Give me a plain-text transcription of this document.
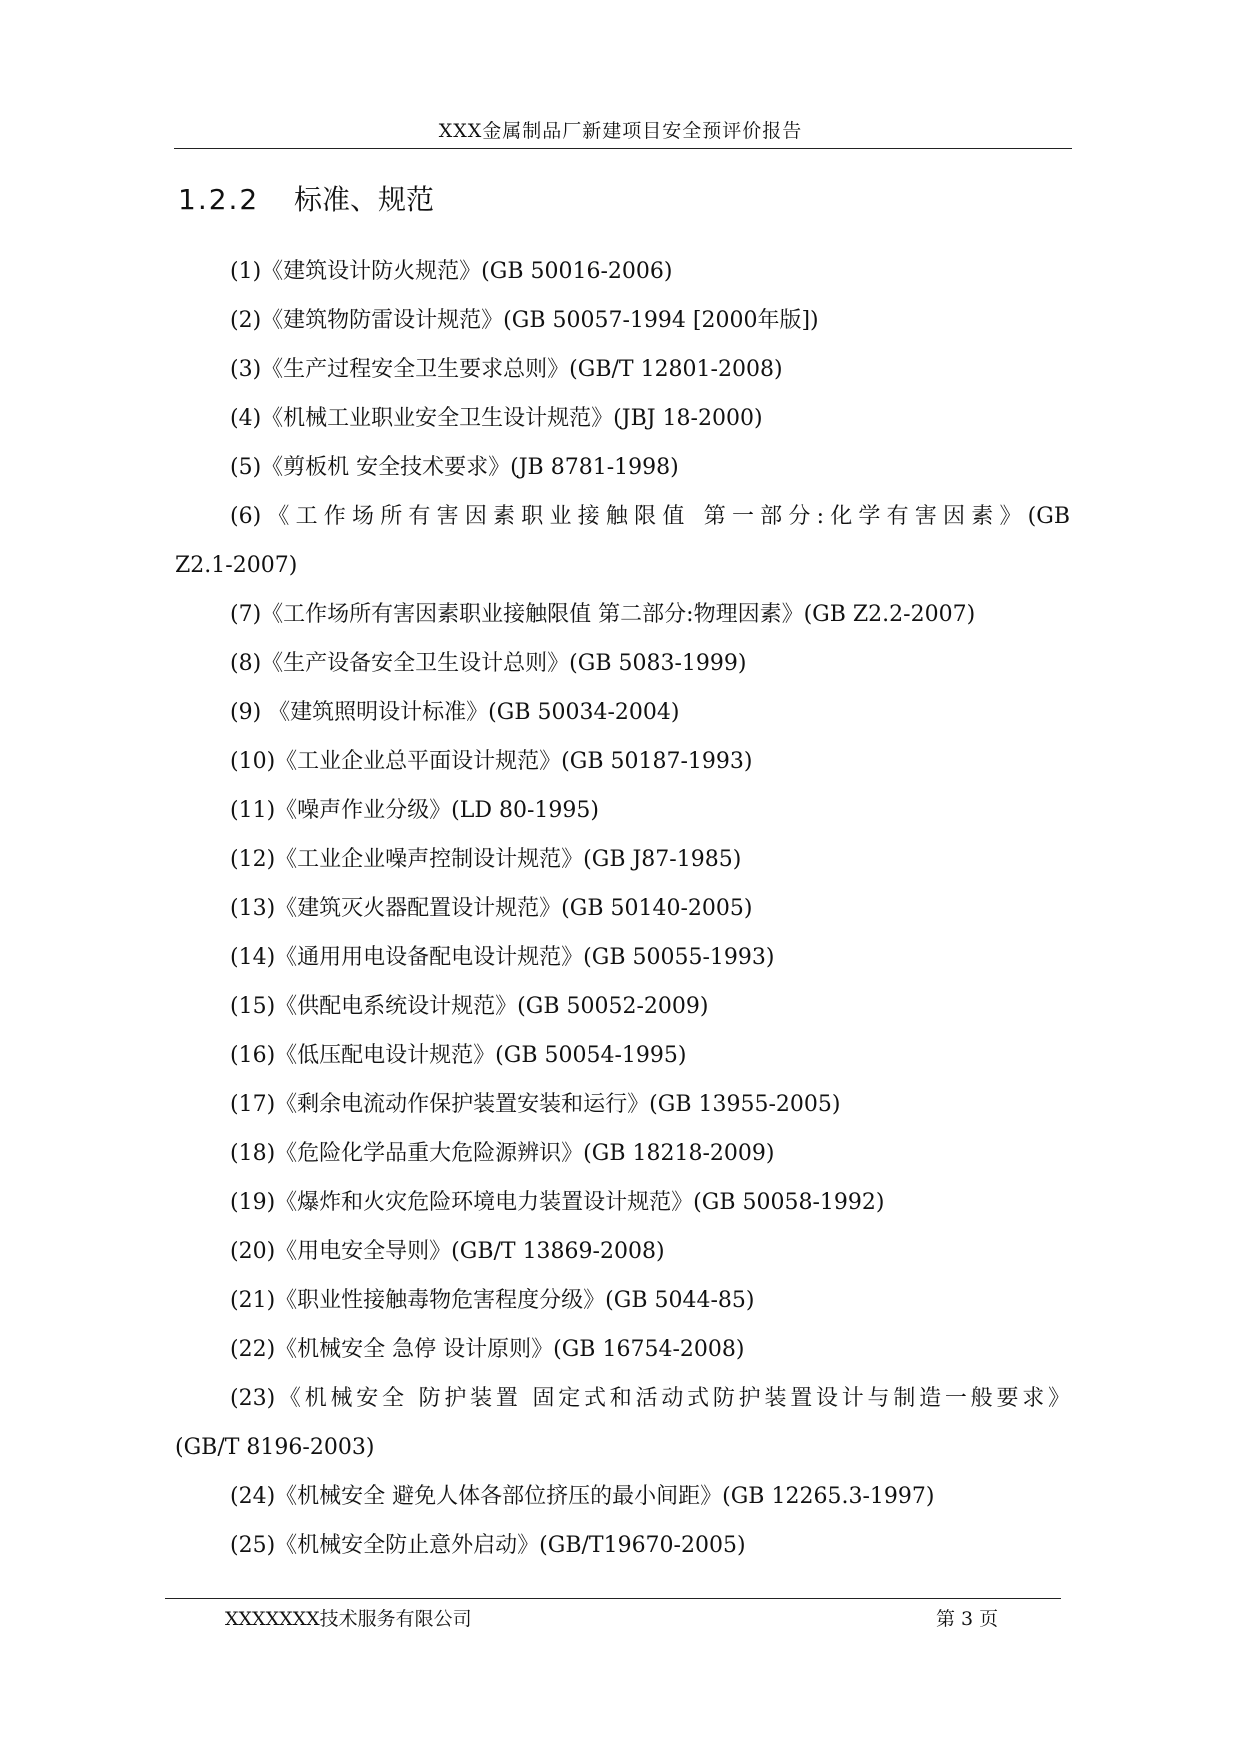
XXX金属制品厂新建项目安全预评价报告
1.2.2 标准、规范
(1)《建筑设计防火规范》(GB 50016-2006)
(2)《建筑物防雷设计规范》(GB 50057-1994 [2000年版])
(3)《生产过程安全卫生要求总则》(GB/T 12801-2008)
(4)《机械工业职业安全卫生设计规范》(JBJ 18-2000)
(5)《剪板机 安全技术要求》(JB 8781-1998)
(6)《工作场所有害因素职业接触限值 第一部分:化学有害因素》(GB
Z2.1-2007)
(7)《工作场所有害因素职业接触限值 第二部分:物理因素》(GB Z2.2-2007)
(8)《生产设备安全卫生设计总则》(GB 5083-1999)
(9) 《建筑照明设计标准》(GB 50034-2004)
(10)《工业企业总平面设计规范》(GB 50187-1993)
(11)《噪声作业分级》(LD 80-1995)
(12)《工业企业噪声控制设计规范》(GB J87-1985)
(13)《建筑灭火器配置设计规范》(GB 50140-2005)
(14)《通用用电设备配电设计规范》(GB 50055-1993)
(15)《供配电系统设计规范》(GB 50052-2009)
(16)《低压配电设计规范》(GB 50054-1995)
(17)《剩余电流动作保护装置安装和运行》(GB 13955-2005)
(18)《危险化学品重大危险源辨识》(GB 18218-2009)
(19)《爆炸和火灾危险环境电力装置设计规范》(GB 50058-1992)
(20)《用电安全导则》(GB/T 13869-2008)
(21)《职业性接触毒物危害程度分级》(GB 5044-85)
(22)《机械安全 急停 设计原则》(GB 16754-2008)
(23)《机械安全 防护装置 固定式和活动式防护装置设计与制造一般要求》
(GB/T 8196-2003)
(24)《机械安全 避免人体各部位挤压的最小间距》(GB 12265.3-1997)
(25)《机械安全防止意外启动》(GB/T19670-2005)
XXXXXXX技术服务有限公司	第 3 页
